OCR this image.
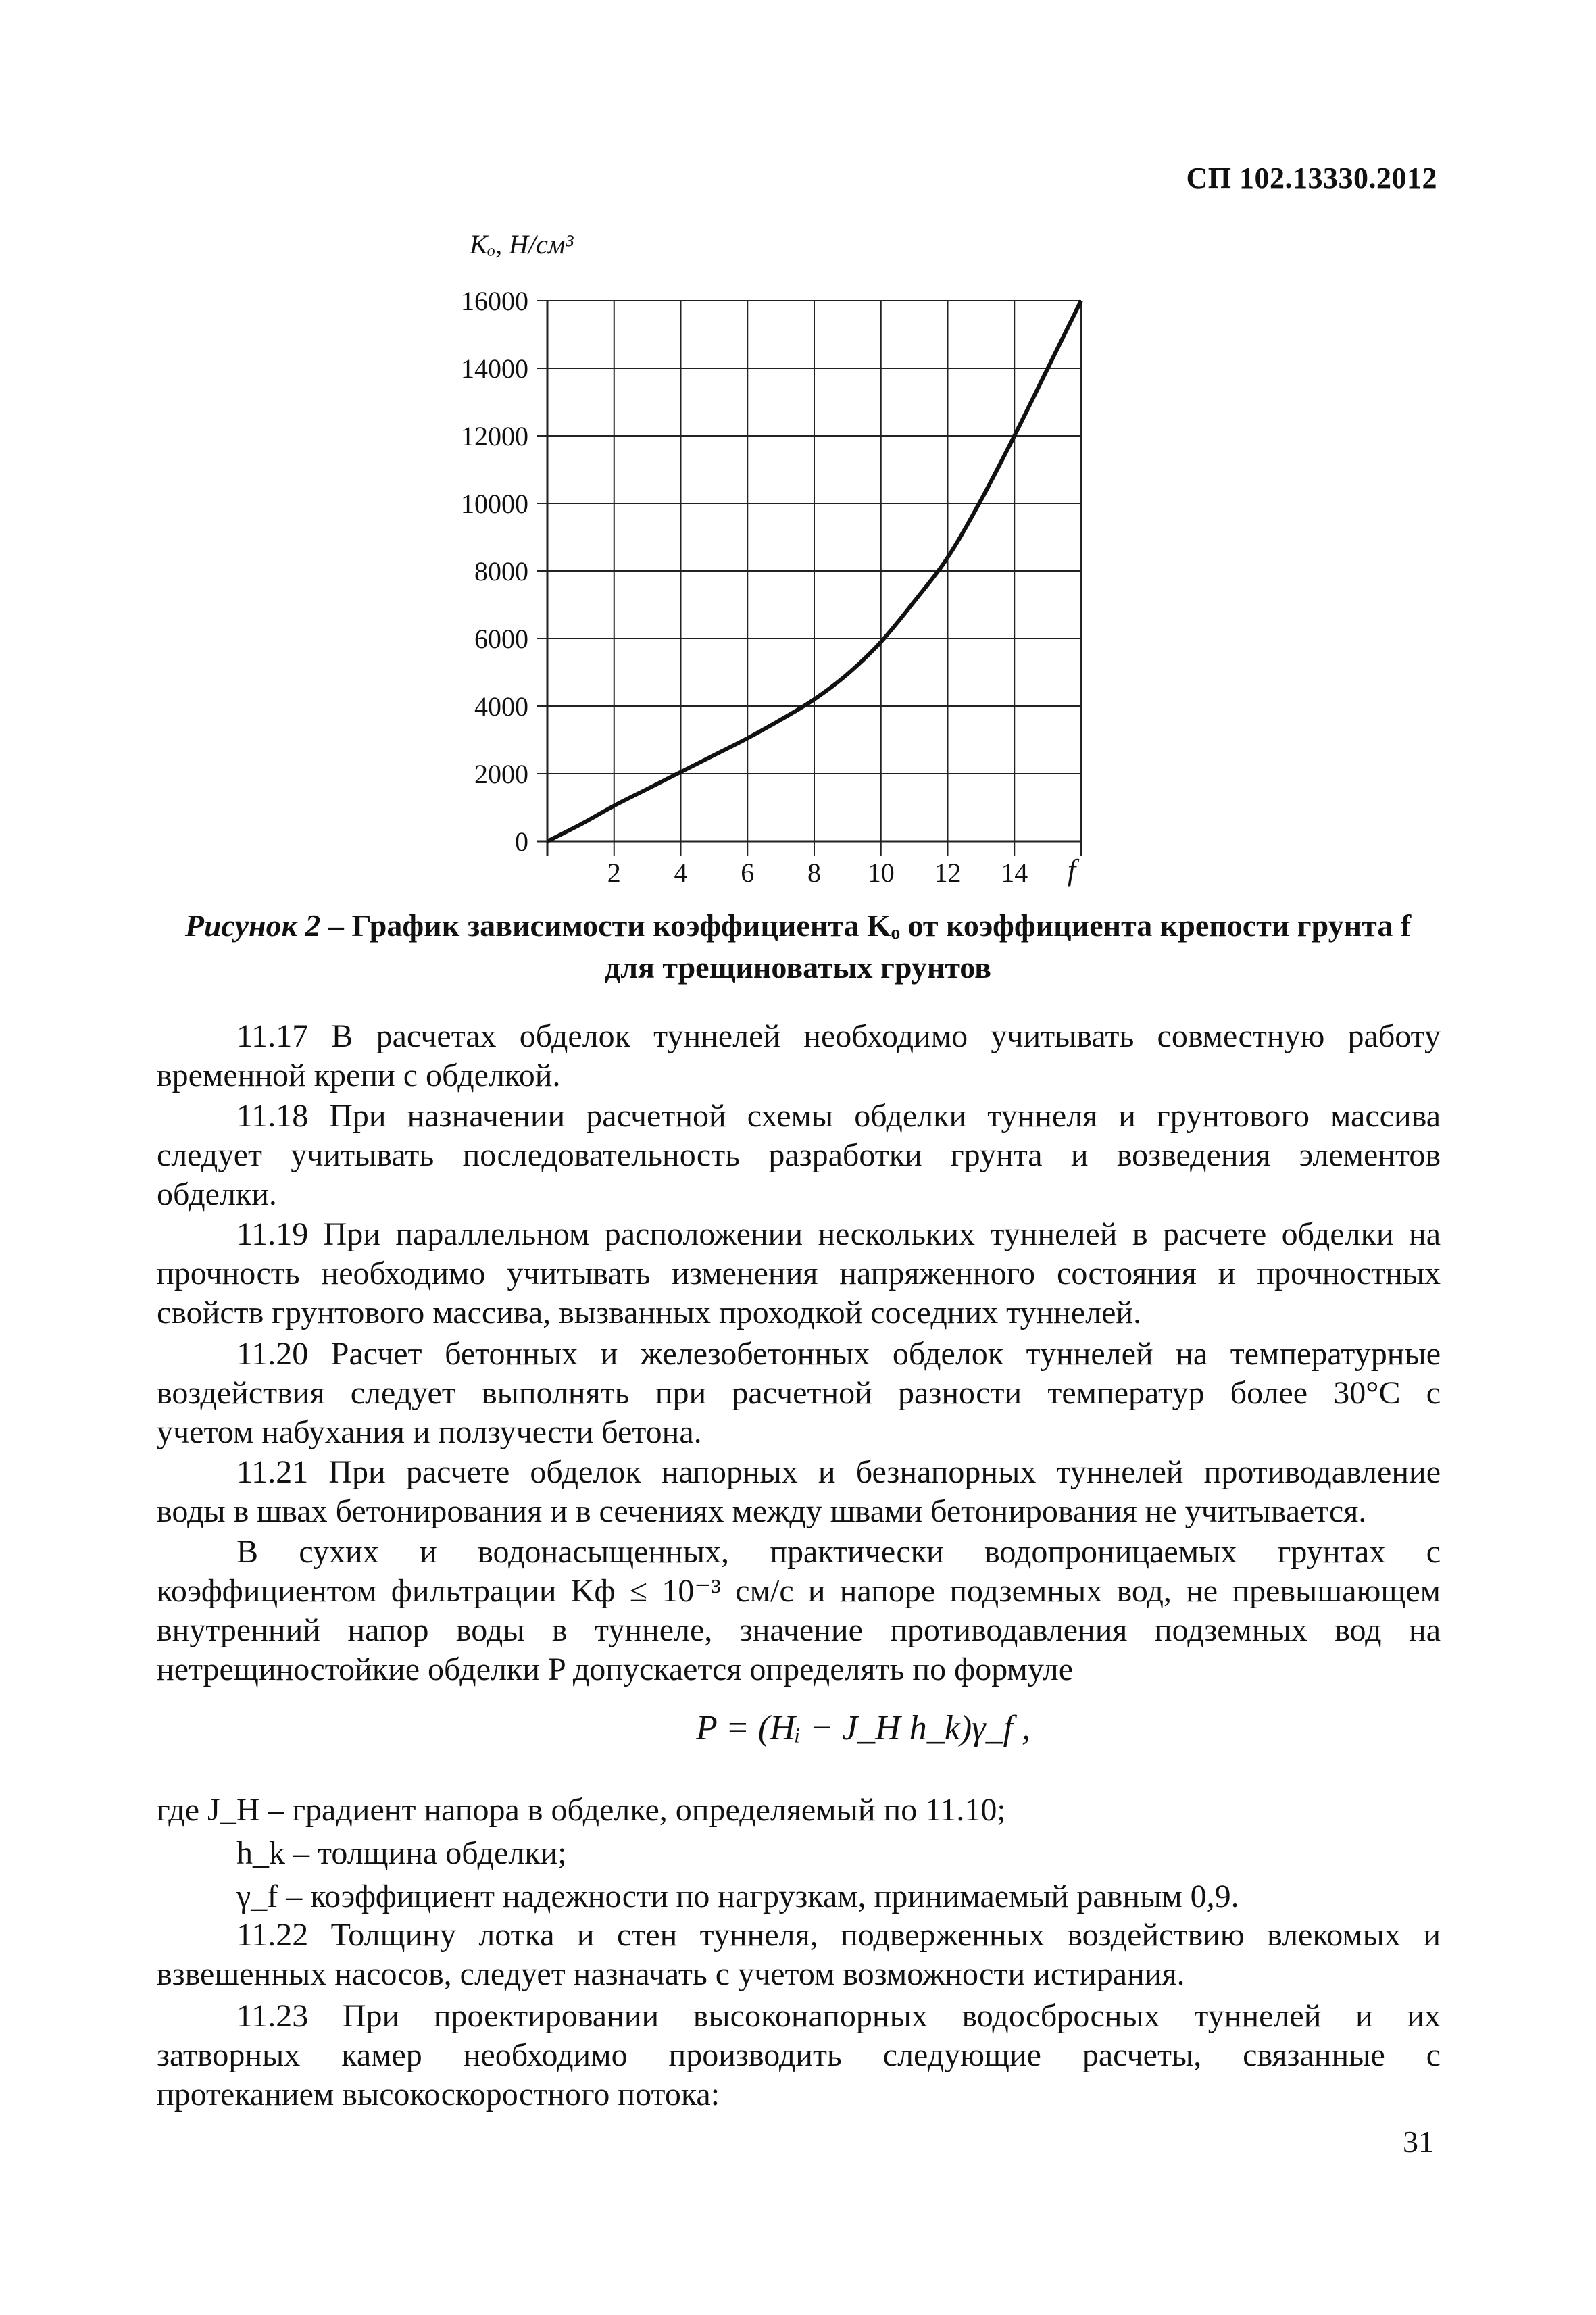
СП 102.13330.2012
Kₒ, Н/см³
0
2000
4000
6000
8000
10000
12000
14000
16000
2 4 6 8 10 12 14 f
Рисунок 2 – График зависимости коэффициента Kₒ от коэффициента крепости грунта f
для трещиноватых грунтов
11.17 В расчетах обделок туннелей необходимо учитывать совместную работу
временной крепи с обделкой.
11.18 При назначении расчетной схемы обделки туннеля и грунтового массива
следует учитывать последовательность разработки грунта и возведения элементов
обделки.
11.19 При параллельном расположении нескольких туннелей в расчете обделки на
прочность необходимо учитывать изменения напряженного состояния и прочностных
свойств грунтового массива, вызванных проходкой соседних туннелей.
11.20 Расчет бетонных и железобетонных обделок туннелей на температурные
воздействия следует выполнять при расчетной разности температур более 30°С с
учетом набухания и ползучести бетона.
11.21 При расчете обделок напорных и безнапорных туннелей противодавление
воды в швах бетонирования и в сечениях между швами бетонирования не учитывается.
В сухих и водонасыщенных, практически водопроницаемых грунтах с
коэффициентом фильтрации Kф ≤ 10⁻³ см/с и напоре подземных вод, не превышающем
внутренний напор воды в туннеле, значение противодавления подземных вод на
нетрещиностойкие обделки P допускается определять по формуле
P = (Hᵢ − J_H h_k)γ_f ,
где J_H – градиент напора в обделке, определяемый по 11.10;
h_k – толщина обделки;
γ_f – коэффициент надежности по нагрузкам, принимаемый равным 0,9.
11.22 Толщину лотка и стен туннеля, подверженных воздействию влекомых и
взвешенных насосов, следует назначать с учетом возможности истирания.
11.23 При проектировании высоконапорных водосбросных туннелей и их
затворных камер необходимо производить следующие расчеты, связанные с
протеканием высокоскоростного потока:
31
